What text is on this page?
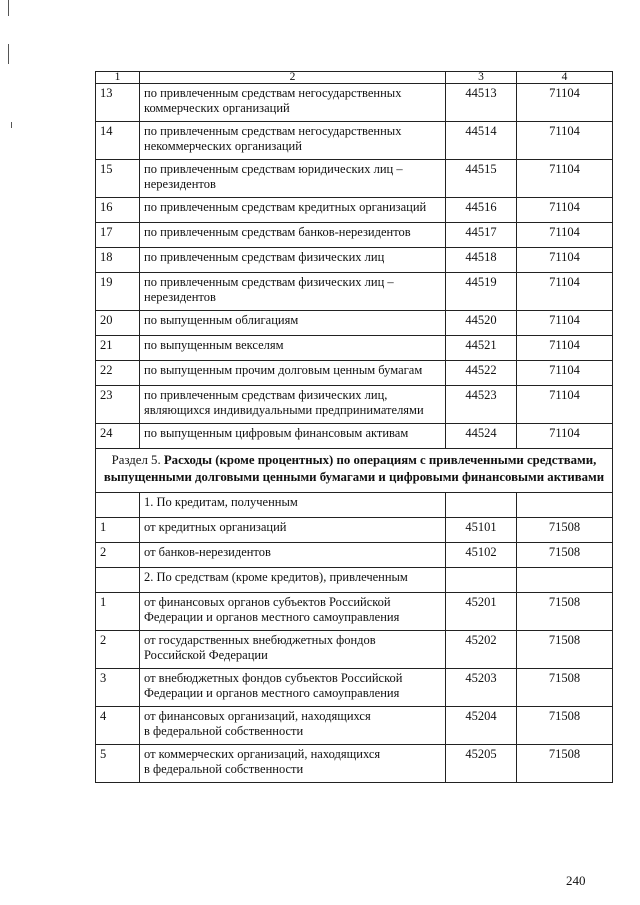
1	2	3	4
13	по привлеченным средствам негосударственных
коммерческих организаций	44513	71104
14	по привлеченным средствам негосударственных
некоммерческих организаций	44514	71104
15	по привлеченным средствам юридических лиц –
нерезидентов	44515	71104
16	по привлеченным средствам кредитных организаций	44516	71104
17	по привлеченным средствам банков-нерезидентов	44517	71104
18	по привлеченным средствам физических лиц	44518	71104
19	по привлеченным средствам физических лиц –
нерезидентов	44519	71104
20	по выпущенным облигациям	44520	71104
21	по выпущенным векселям	44521	71104
22	по выпущенным прочим долговым ценным бумагам	44522	71104
23	по привлеченным средствам физических лиц,
являющихся индивидуальными предпринимателями	44523	71104
24	по выпущенным цифровым финансовым активам	44524	71104

Раздел 5. Расходы (кроме процентных) по операциям с привлеченными средствами,
выпущенными долговыми ценными бумагами и цифровыми финансовыми активами			

	1. По кредитам, полученным		
1	от кредитных организаций	45101	71508
2	от банков-нерезидентов	45102	71508
	2. По средствам (кроме кредитов), привлеченным		
1	от финансовых органов субъектов Российской
Федерации и органов местного самоуправления	45201	71508
2	от государственных внебюджетных фондов
Российской Федерации	45202	71508
3	от внебюджетных фондов субъектов Российской
Федерации и органов местного самоуправления	45203	71508
4	от финансовых организаций, находящихся
в федеральной собственности	45204	71508
5	от коммерческих организаций, находящихся
в федеральной собственности	45205	71508
240
